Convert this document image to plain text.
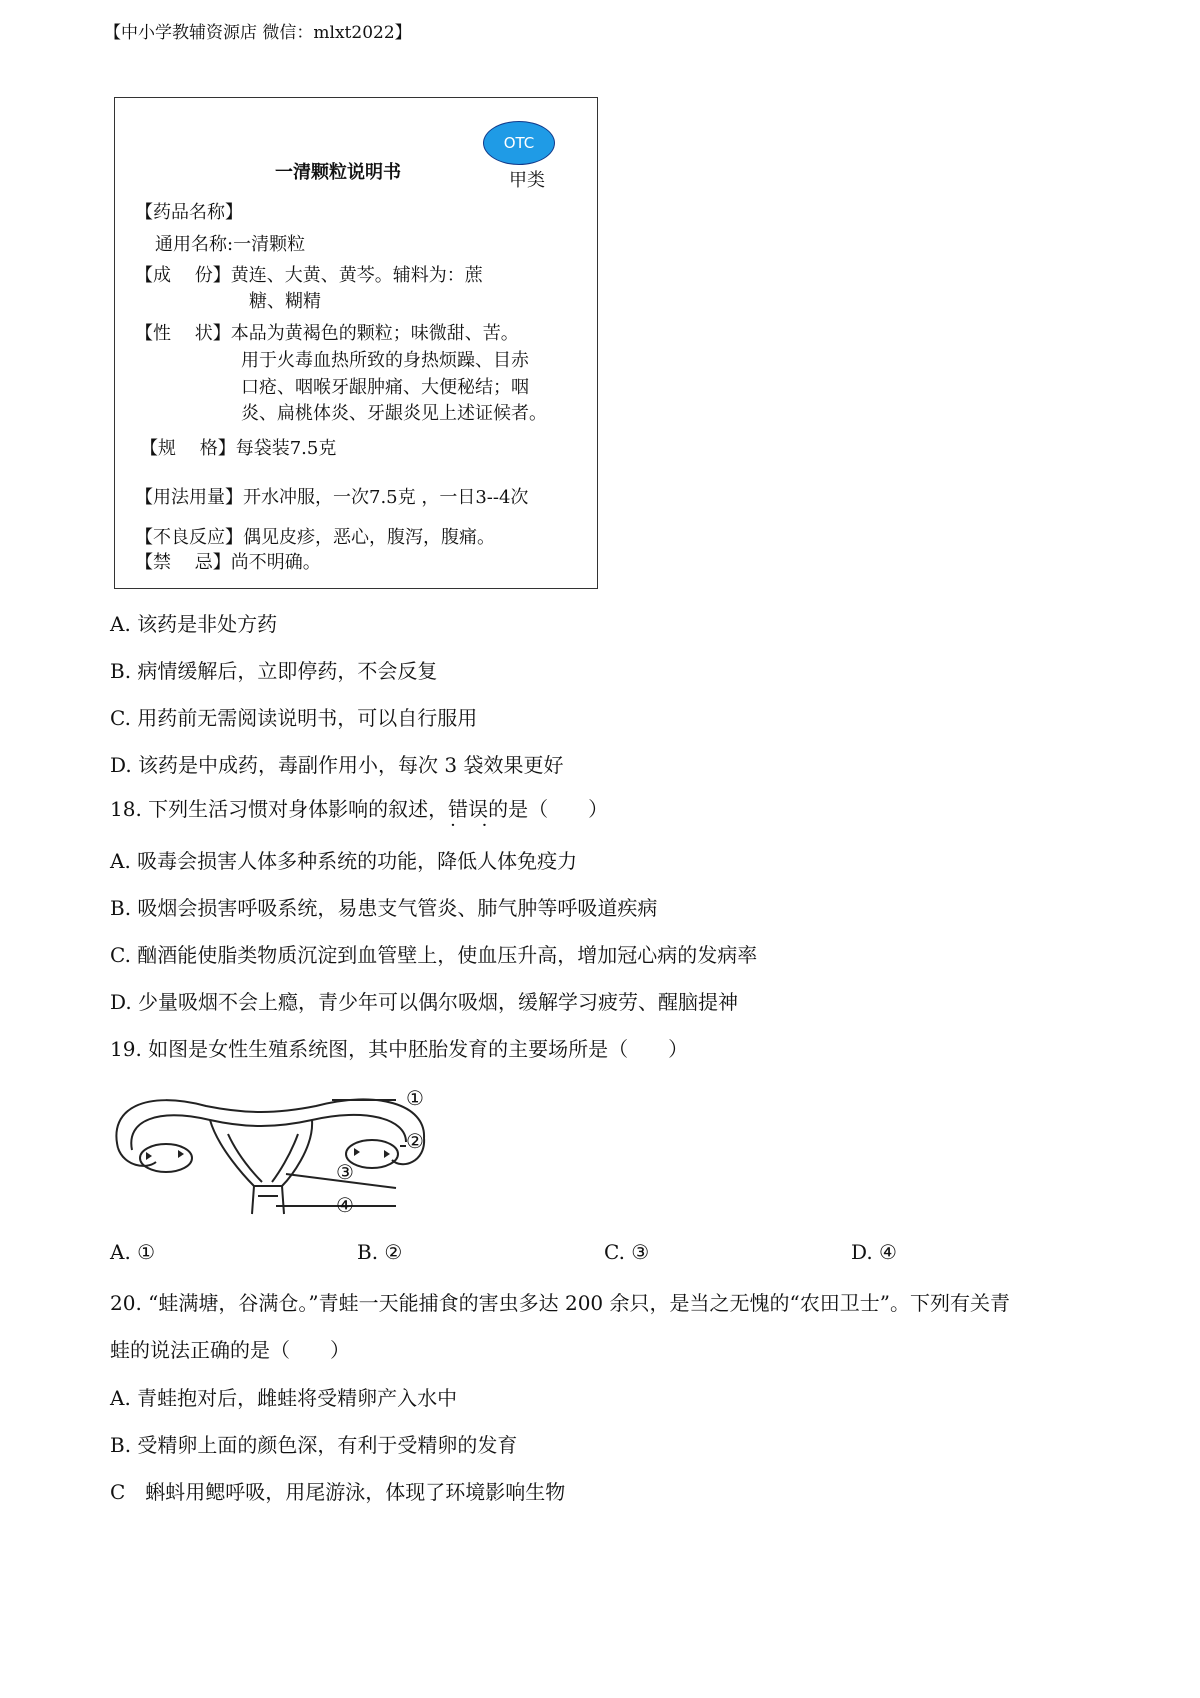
【中小学教辅资源店 微信：mlxt2022】
OTC
甲类
一清颗粒说明书
【药品名称】
通用名称:一清颗粒
【成　 份】黄连、大黄、黄芩。辅料为：蔗
糖、糊精
【性　 状】本品为黄褐色的颗粒；味微甜、苦。
用于火毒血热所致的身热烦躁、目赤
口疮、咽喉牙龈肿痛、大便秘结；咽
炎、扁桃体炎、牙龈炎见上述证候者。
【规　 格】每袋装7.5克
【用法用量】开水冲服，一次7.5克 ，一日3--4次
【不良反应】偶见皮疹，恶心，腹泻，腹痛。
【禁　 忌】尚不明确。
A. 该药是非处方药
B. 病情缓解后，立即停药，不会反复
C. 用药前无需阅读说明书，可以自行服用
D. 该药是中成药，毒副作用小，每次 3 袋效果更好
18. 下列生活习惯对身体影响的叙述，错误 · ·的是（　　）
A. 吸毒会损害人体多种系统的功能，降低人体免疫力
B. 吸烟会损害呼吸系统，易患支气管炎、肺气肿等呼吸道疾病
C. 酗酒能使脂类物质沉淀到血管壁上，使血压升高，增加冠心病的发病率
D. 少量吸烟不会上瘾，青少年可以偶尔吸烟，缓解学习疲劳、醒脑提神
19. 如图是女性生殖系统图，其中胚胎发育的主要场所是（　　）
①
②
③
④
A. ①	B. ②	C. ③	D. ④
20. “蛙满塘，谷满仓。”青蛙一天能捕食的害虫多达 200 余只，是当之无愧的“农田卫士”。下列有关青
蛙的说法正确的是（　　）
A. 青蛙抱对后，雌蛙将受精卵产入水中
B. 受精卵上面的颜色深，有利于受精卵的发育
C　蝌蚪用鳃呼吸，用尾游泳，体现了环境影响生物
